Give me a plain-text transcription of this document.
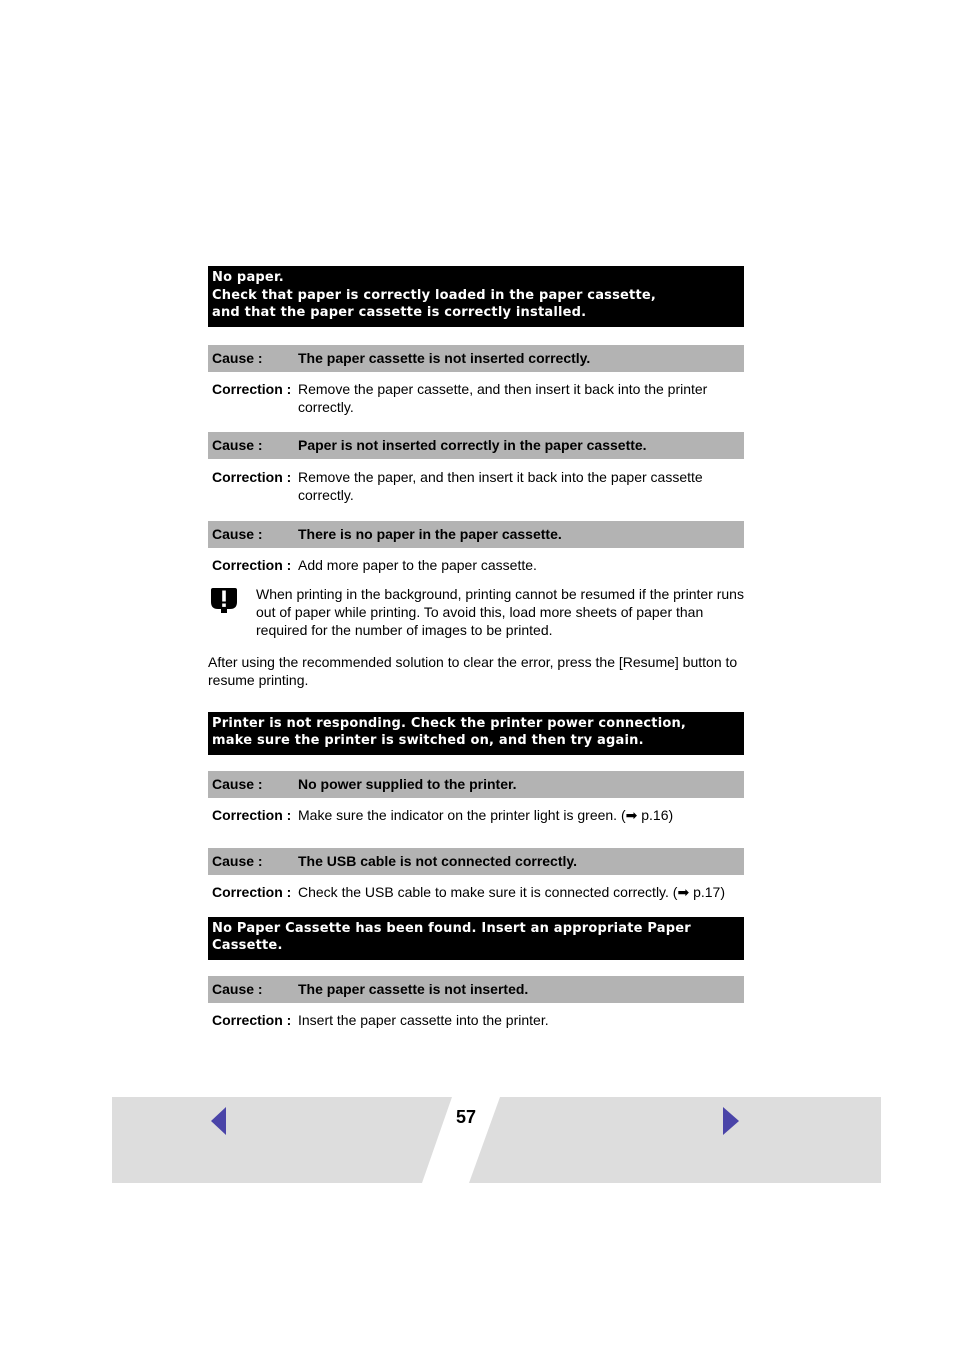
No paper.
Check that paper is correctly loaded in the paper cassette,
and that the paper cassette is correctly installed.
Cause :	The paper cassette is not inserted correctly.
Correction : Remove the paper cassette, and then insert it back into the printer correctly.
Cause :	Paper is not inserted correctly in the paper cassette.
Correction : Remove the paper, and then insert it back into the paper cassette correctly.
Cause :	There is no paper in the paper cassette.
Correction : Add more paper to the paper cassette.
When printing in the background, printing cannot be resumed if the printer runs out of paper while printing. To avoid this, load more sheets of paper than required for the number of images to be printed.
After using the recommended solution to clear the error, press the [Resume] button to resume printing.
Printer is not responding. Check the printer power connection,
make sure the printer is switched on, and then try again.
Cause :	No power supplied to the printer.
Correction : Make sure the indicator on the printer light is green. (➡ p.16)
Cause :	The USB cable is not connected correctly.
Correction : Check the USB cable to make sure it is connected correctly. (➡ p.17)
No Paper Cassette has been found. Insert an appropriate Paper
Cassette.
Cause :	The paper cassette is not inserted.
Correction : Insert the paper cassette into the printer.
57
